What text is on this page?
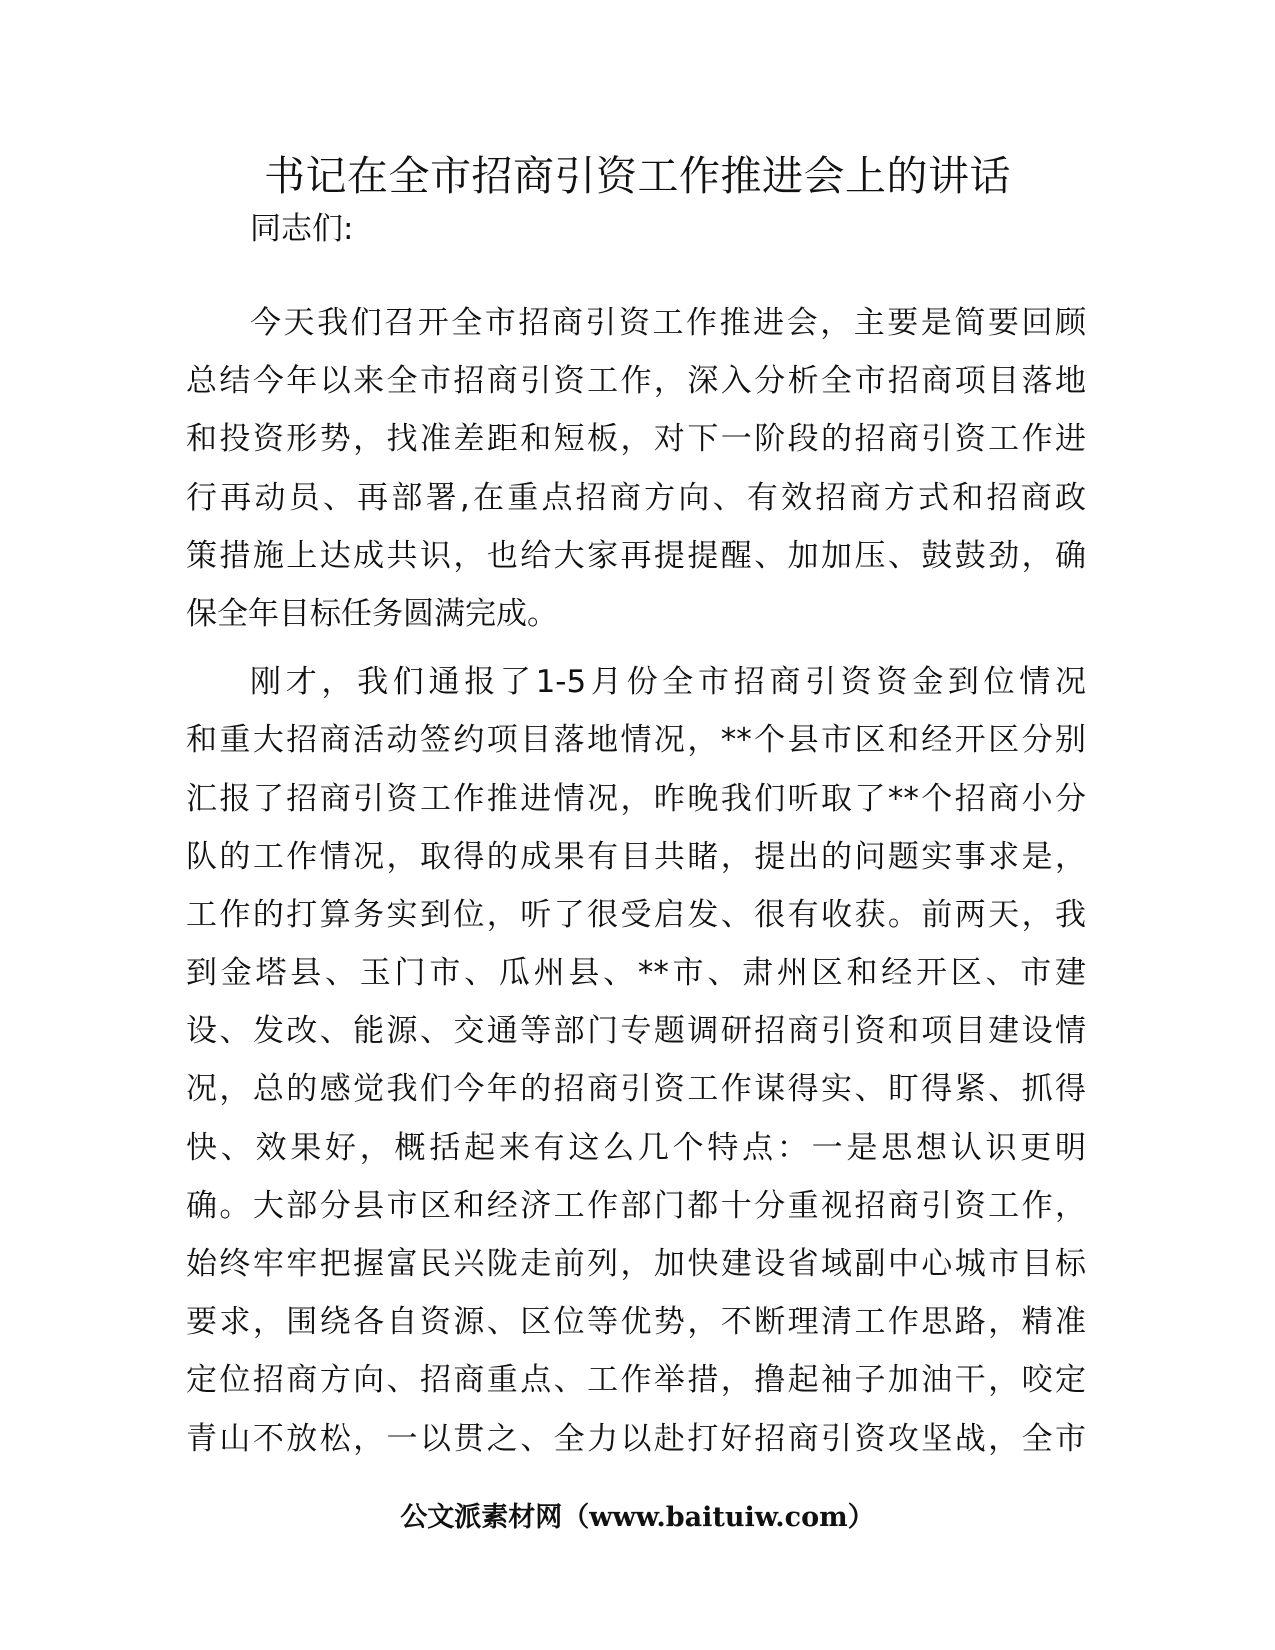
书记在全市招商引资工作推进会上的讲话
同志们:
今天我们召开全市招商引资工作推进会，主要是简要回顾
总结今年以来全市招商引资工作，深入分析全市招商项目落地
和投资形势，找准差距和短板，对下一阶段的招商引资工作进
行再动员、再部署,在重点招商方向、有效招商方式和招商政
策措施上达成共识，也给大家再提提醒、加加压、鼓鼓劲，确
保全年目标任务圆满完成。
刚才，我们通报了1-5月份全市招商引资资金到位情况
和重大招商活动签约项目落地情况，**个县市区和经开区分别
汇报了招商引资工作推进情况，昨晚我们听取了**个招商小分
队的工作情况，取得的成果有目共睹，提出的问题实事求是，
工作的打算务实到位，听了很受启发、很有收获。前两天，我
到金塔县、玉门市、瓜州县、**市、肃州区和经开区、市建
设、发改、能源、交通等部门专题调研招商引资和项目建设情
况，总的感觉我们今年的招商引资工作谋得实、盯得紧、抓得
快、效果好，概括起来有这么几个特点：一是思想认识更明
确。大部分县市区和经济工作部门都十分重视招商引资工作，
始终牢牢把握富民兴陇走前列，加快建设省域副中心城市目标
要求，围绕各自资源、区位等优势，不断理清工作思路，精准
定位招商方向、招商重点、工作举措，撸起袖子加油干，咬定
青山不放松，一以贯之、全力以赴打好招商引资攻坚战，全市
公文派素材网（www.baituiw.com）
